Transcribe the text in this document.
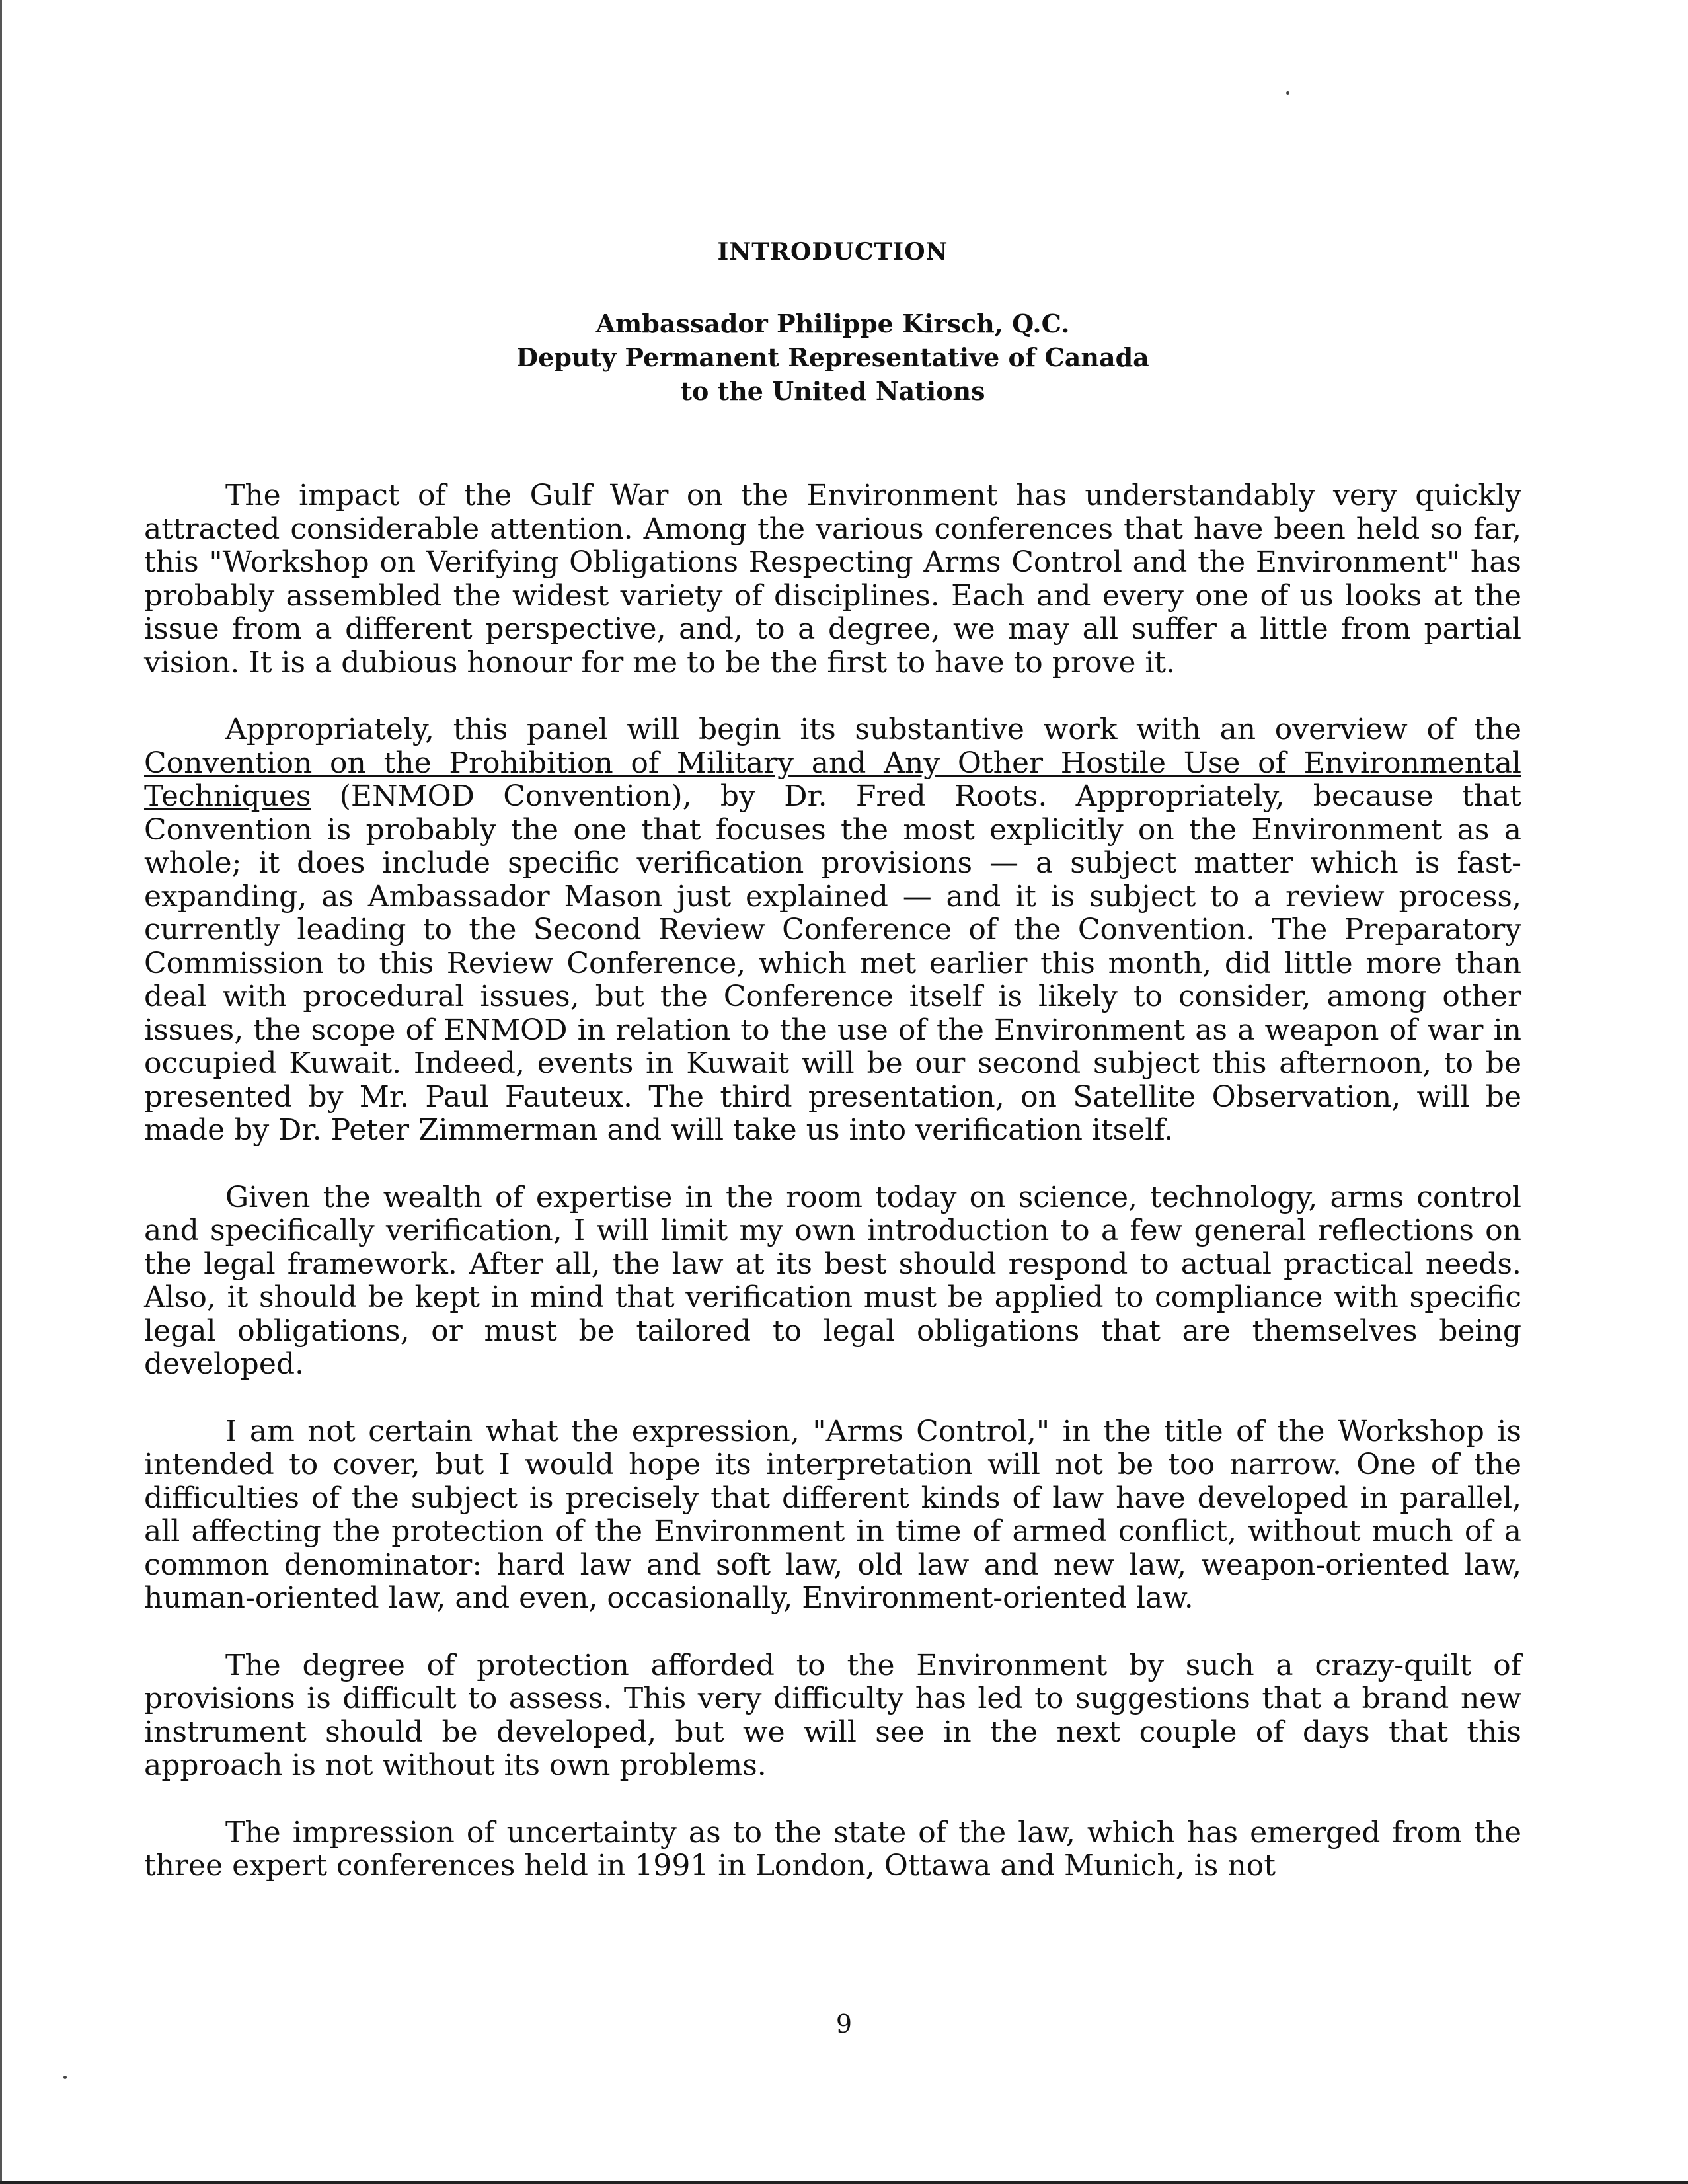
INTRODUCTION
Ambassador Philippe Kirsch, Q.C.
Deputy Permanent Representative of Canada
to the United Nations

The impact of the Gulf War on the Environment has understandably very quickly attracted considerable attention. Among the various conferences that have been held so far, this "Workshop on Verifying Obligations Respecting Arms Control and the Environment" has probably assembled the widest variety of disciplines. Each and every one of us looks at the issue from a different perspective, and, to a degree, we may all suffer a little from partial vision. It is a dubious honour for me to be the first to have to prove it.

Appropriately, this panel will begin its substantive work with an overview of the Convention on the Prohibition of Military and Any Other Hostile Use of Environmental Techniques (ENMOD Convention), by Dr. Fred Roots. Appropriately, because that Convention is probably the one that focuses the most explicitly on the Environment as a whole; it does include specific verification provisions — a subject matter which is fast-expanding, as Ambassador Mason just explained — and it is subject to a review process, currently leading to the Second Review Conference of the Convention. The Preparatory Commission to this Review Conference, which met earlier this month, did little more than deal with procedural issues, but the Conference itself is likely to consider, among other issues, the scope of ENMOD in relation to the use of the Environment as a weapon of war in occupied Kuwait. Indeed, events in Kuwait will be our second subject this afternoon, to be presented by Mr. Paul Fauteux. The third presentation, on Satellite Observation, will be made by Dr. Peter Zimmerman and will take us into verification itself.

Given the wealth of expertise in the room today on science, technology, arms control and specifically verification, I will limit my own introduction to a few general reflections on the legal framework. After all, the law at its best should respond to actual practical needs. Also, it should be kept in mind that verification must be applied to compliance with specific legal obligations, or must be tailored to legal obligations that are themselves being developed.

I am not certain what the expression, "Arms Control," in the title of the Workshop is intended to cover, but I would hope its interpretation will not be too narrow. One of the difficulties of the subject is precisely that different kinds of law have developed in parallel, all affecting the protection of the Environment in time of armed conflict, without much of a common denominator: hard law and soft law, old law and new law, weapon-oriented law, human-oriented law, and even, occasionally, Environment-oriented law.

The degree of protection afforded to the Environment by such a crazy-quilt of provisions is difficult to assess. This very difficulty has led to suggestions that a brand new instrument should be developed, but we will see in the next couple of days that this approach is not without its own problems.

The impression of uncertainty as to the state of the law, which has emerged from the three expert conferences held in 1991 in London, Ottawa and Munich, is not

9
